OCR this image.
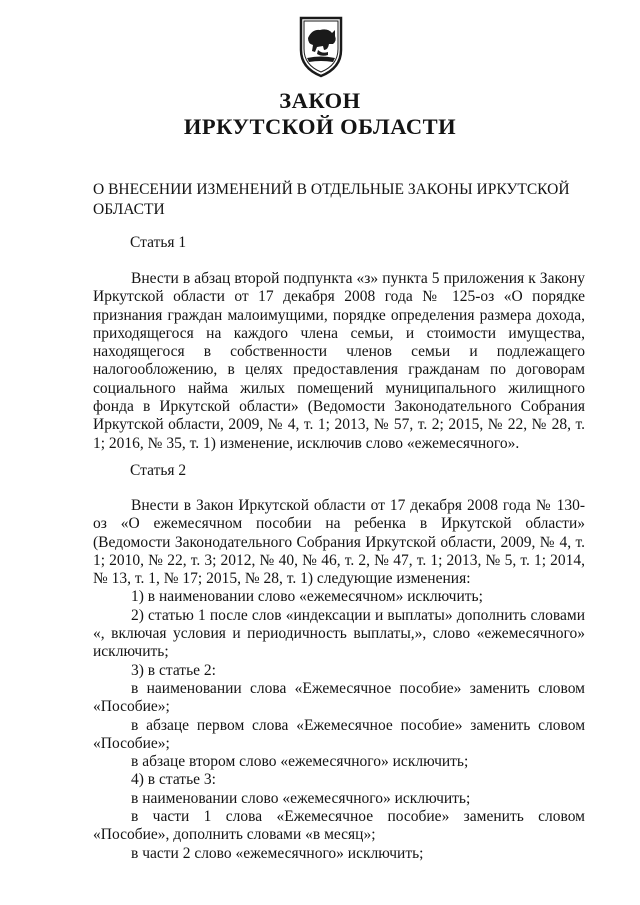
ЗАКОН
ИРКУТСКОЙ ОБЛАСТИ
О ВНЕСЕНИИ ИЗМЕНЕНИЙ В ОТДЕЛЬНЫЕ ЗАКОНЫ ИРКУТСКОЙ ОБЛАСТИ
Статья 1

Внести в абзац второй подпункта «з» пункта 5 приложения к Закону Иркутской области от 17 декабря 2008 года № 125-оз «О порядке признания граждан малоимущими, порядке определения размера дохода, приходящегося на каждого члена семьи, и стоимости имущества, находящегося в собственности членов семьи и подлежащего налогообложению, в целях предоставления гражданам по договорам социального найма жилых помещений муниципального жилищного фонда в Иркутской области» (Ведомости Законодательного Собрания Иркутской области, 2009, № 4, т. 1; 2013, № 57, т. 2; 2015, № 22, № 28, т. 1; 2016, № 35, т. 1) изменение, исключив слово «ежемесячного».

Статья 2

Внести в Закон Иркутской области от 17 декабря 2008 года № 130-оз «О ежемесячном пособии на ребенка в Иркутской области» (Ведомости Законодательного Собрания Иркутской области, 2009, № 4, т. 1; 2010, № 22, т. 3; 2012, № 40, № 46, т. 2, № 47, т. 1; 2013, № 5, т. 1; 2014, № 13, т. 1, № 17; 2015, № 28, т. 1) следующие изменения:

1) в наименовании слово «ежемесячном» исключить;

2) статью 1 после слов «индексации и выплаты» дополнить словами «, включая условия и периодичность выплаты,», слово «ежемесячного» исключить;

3) в статье 2:

в наименовании слова «Ежемесячное пособие» заменить словом «Пособие»;

в абзаце первом слова «Ежемесячное пособие» заменить словом «Пособие»;

в абзаце втором слово «ежемесячного» исключить;

4) в статье 3:

в наименовании слово «ежемесячного» исключить;

в части 1 слова «Ежемесячное пособие» заменить словом «Пособие», дополнить словами «в месяц»;

в части 2 слово «ежемесячного» исключить;
